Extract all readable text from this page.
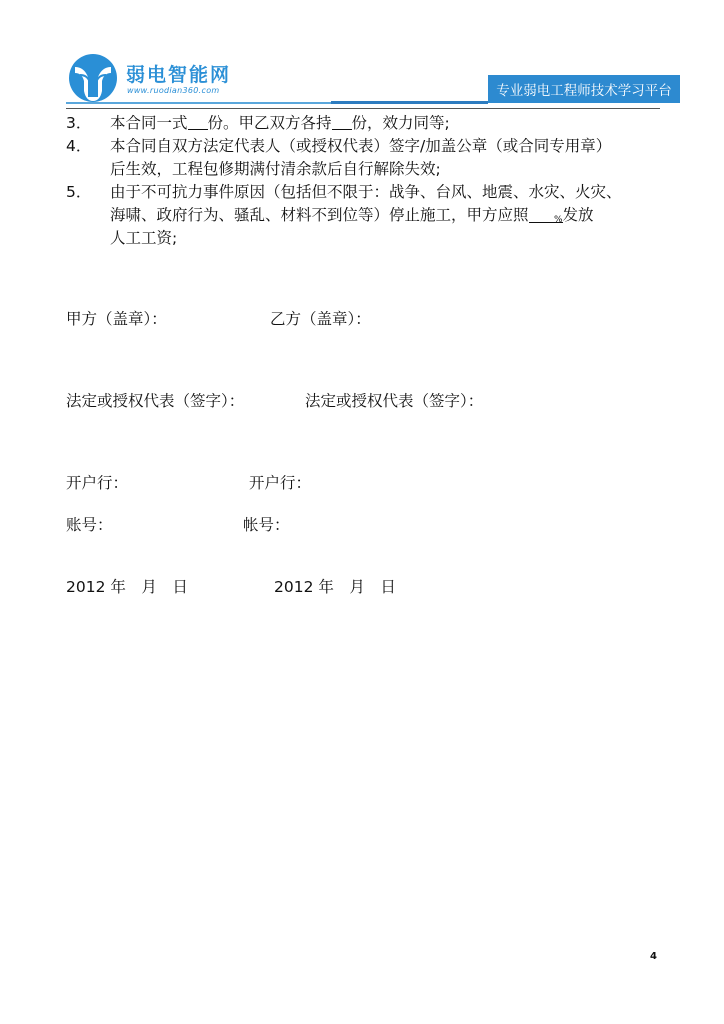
弱电智能网
www.ruodian360.com	专业弱电工程师技术学习平台
3． 本合同一式 份。甲乙双方各持 份，效力同等;
4． 本合同自双方法定代表人（或授权代表）签字/加盖公章（或合同专用章）
后生效，工程包修期满付清余款后自行解除失效;
5． 由于不可抗力事件原因（包括但不限于：战争、台风、地震、水灾、火灾、
海啸、政府行为、骚乱、材料不到位等）停止施工，甲方应照	%发放
人工工资;
甲方（盖章）：	乙方（盖章）：
法定或授权代表（签字）：	法定或授权代表（签字）：
开户行：	开户行：
账号：	帐号：
2012 年　月　日	2012 年　月　日
4
